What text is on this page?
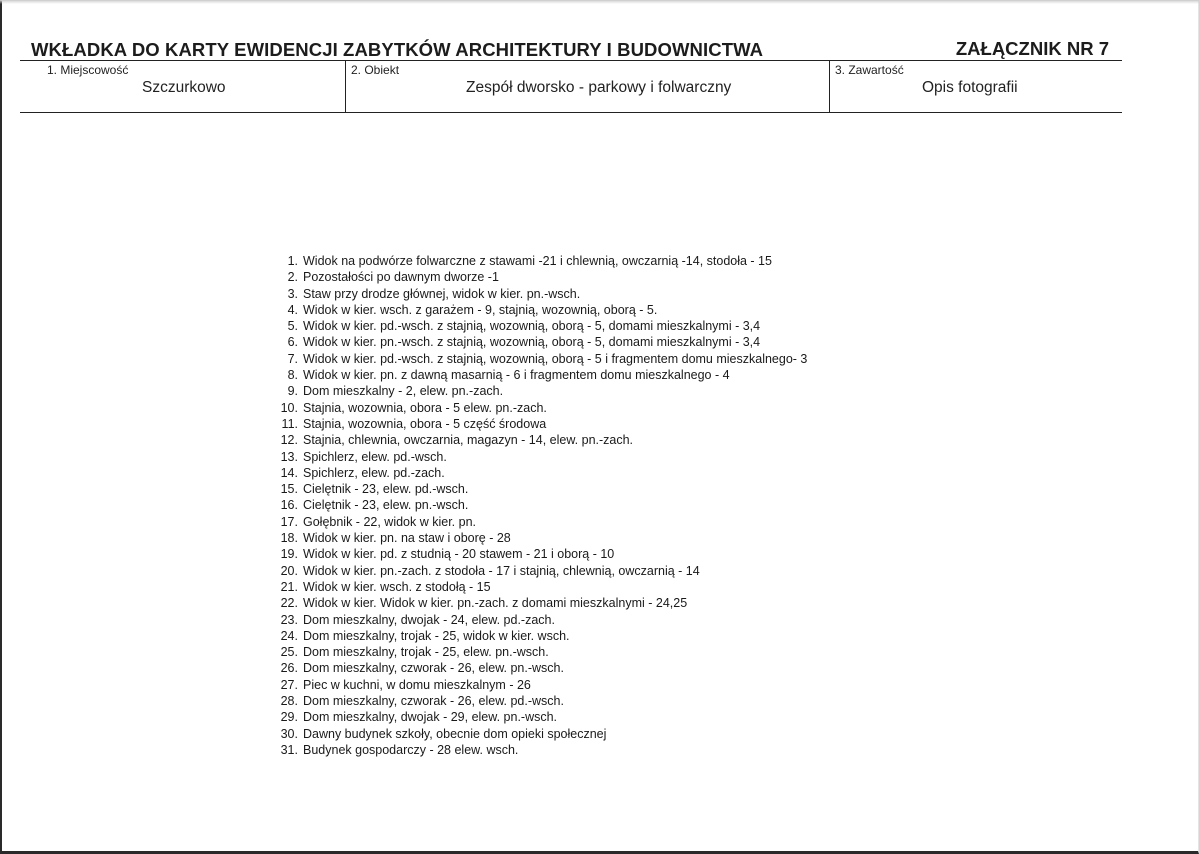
WKŁADKA DO KARTY EWIDENCJI ZABYTKÓW ARCHITEKTURY I BUDOWNICTWA	ZAŁĄCZNIK NR 7
1. Miejscowość
Szczurkowo
2. Obiekt
Zespół dworsko - parkowy i folwarczny
3. Zawartość
Opis fotografii
1. Widok na podwórze folwarczne z stawami -21 i chlewnią, owczarnią -14, stodoła - 15
2. Pozostałości po dawnym dworze -1
3. Staw przy drodze głównej, widok w kier. pn.-wsch.
4. Widok w kier. wsch. z garażem - 9, stajnią, wozownią, oborą - 5.
5. Widok w kier. pd.-wsch. z stajnią, wozownią, oborą - 5, domami mieszkalnymi - 3,4
6. Widok w kier. pn.-wsch. z stajnią, wozownią, oborą - 5, domami mieszkalnymi - 3,4
7. Widok w kier. pd.-wsch. z stajnią, wozownią, oborą - 5 i fragmentem domu mieszkalnego- 3
8. Widok w kier. pn. z dawną masarnią - 6 i fragmentem domu mieszkalnego - 4
9. Dom mieszkalny - 2, elew. pn.-zach.
10. Stajnia, wozownia, obora - 5 elew. pn.-zach.
11. Stajnia, wozownia, obora - 5 część środowa
12. Stajnia, chlewnia, owczarnia, magazyn - 14, elew. pn.-zach.
13. Spichlerz, elew. pd.-wsch.
14. Spichlerz, elew. pd.-zach.
15. Cielętnik - 23, elew. pd.-wsch.
16. Cielętnik - 23, elew. pn.-wsch.
17. Gołębnik - 22, widok w kier. pn.
18. Widok w kier. pn. na staw i oborę - 28
19. Widok w kier. pd. z studnią - 20 stawem - 21 i oborą - 10
20. Widok w kier. pn.-zach. z stodoła - 17 i stajnią, chlewnią, owczarnią - 14
21. Widok w kier. wsch. z stodołą - 15
22. Widok w kier. Widok w kier. pn.-zach. z domami mieszkalnymi - 24,25
23. Dom mieszkalny, dwojak - 24, elew. pd.-zach.
24. Dom mieszkalny, trojak - 25, widok w kier. wsch.
25. Dom mieszkalny, trojak - 25, elew. pn.-wsch.
26. Dom mieszkalny, czworak - 26, elew. pn.-wsch.
27. Piec w kuchni, w domu mieszkalnym - 26
28. Dom mieszkalny, czworak - 26, elew. pd.-wsch.
29. Dom mieszkalny, dwojak - 29, elew. pn.-wsch.
30. Dawny budynek szkoły, obecnie dom opieki społecznej
31. Budynek gospodarczy - 28 elew. wsch.
